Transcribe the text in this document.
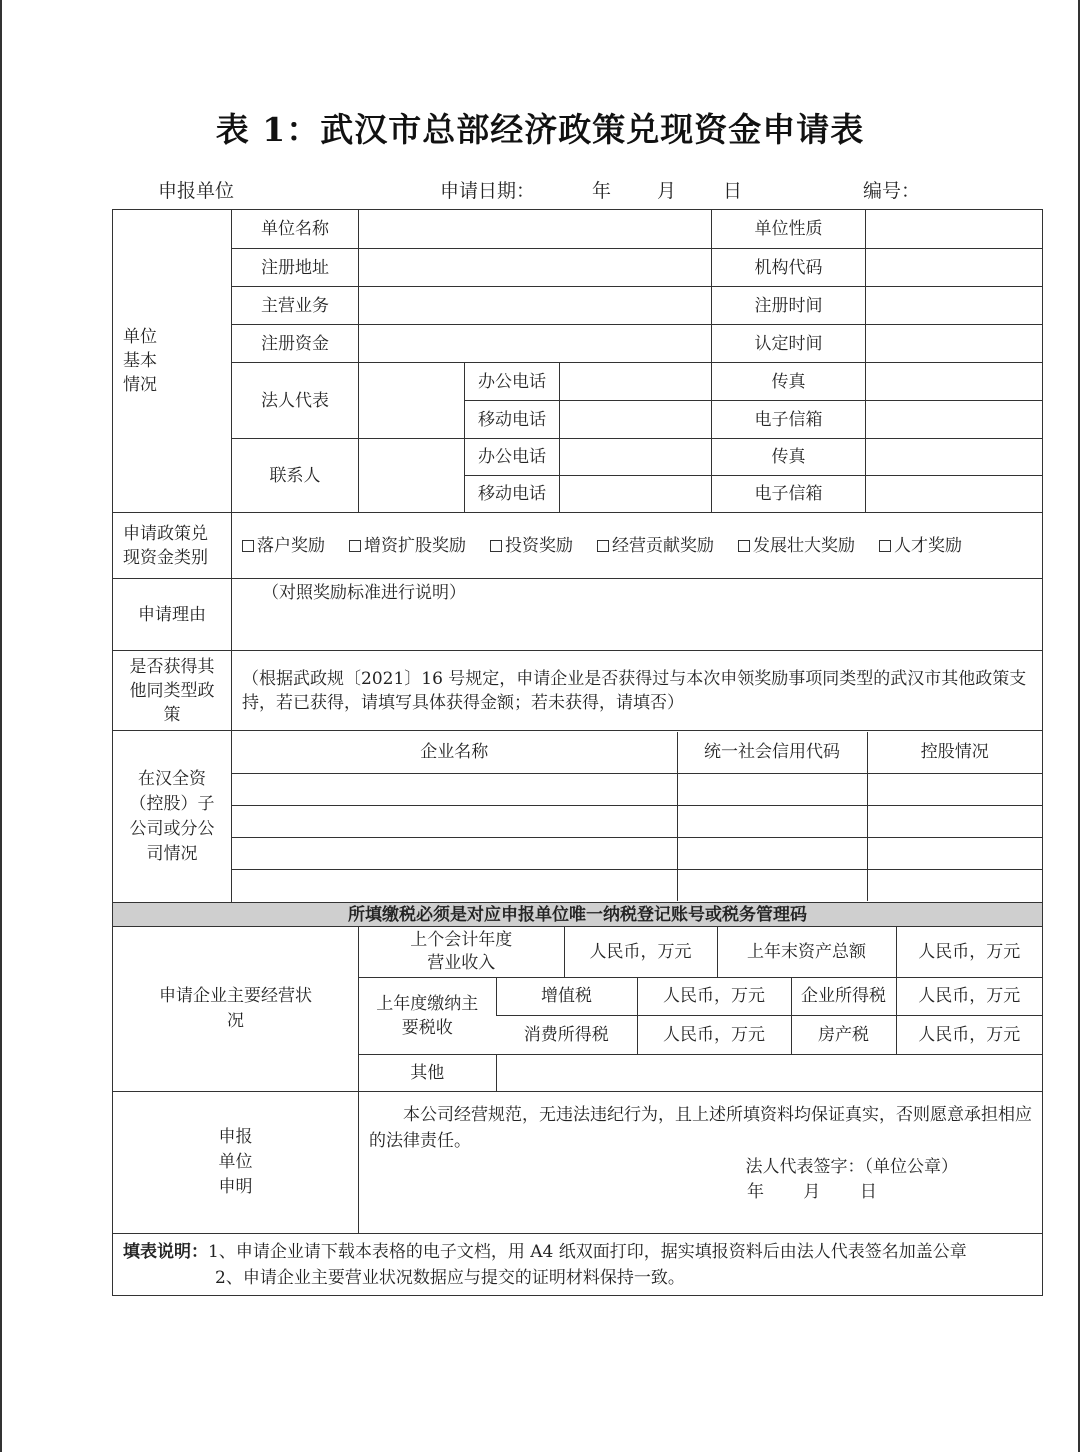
表 1：武汉市总部经济政策兑现资金申请表
申报单位	申请日期：	年 月 日	编号：
单位
基本
情况
	单位名称		单位性质	
注册地址		机构代码	
主营业务		注册时间	
注册资金		认定时间	
法人代表		办公电话		传真	
移动电话		电子信箱	
联系人		办公电话		传真	
移动电话		电子信箱	

申请政策兑
现资金类别
	落户奖励 增资扩股奖励 投资奖励 经营贡献奖励 发展壮大奖励 人才奖励
申请理由	（对照奖励标准进行说明）

是否获得其
他同类型政
策
	（根据武政规〔2021〕16 号规定，申请企业是否获得过与本次申领奖励事项同类型的武汉市其他政策支持，若已获得，请填写具体获得金额；若未获得，请填否）

在汉全资
（控股）子
公司或分公
司情况

企业名称	统一社会信用代码	控股情况

所填缴税必须是对应申报单位唯一纳税登记账号或税务管理码

申请企业主要经营状
况

上个会计年度
营业收入
	人民币，万元	上年末资产总额	人民币，万元

上年度缴纳主
要税收
	增值税	人民币，万元	企业所得税	人民币，万元
消费所得税	人民币，万元	房产税	人民币，万元
其他	

申报
单位
申明

本公司经营规范，无违法违纪行为，且上述所填资料均保证真实，否则愿意承担相应的法律责任。

法人代表签字：（单位公章）
年   月   日

填表说明：1、申请企业请下载本表格的电子文档，用 A4 纸双面打印，据实填报资料后由法人代表签名加盖公章
2、申请企业主要营业状况数据应与提交的证明材料保持一致。
